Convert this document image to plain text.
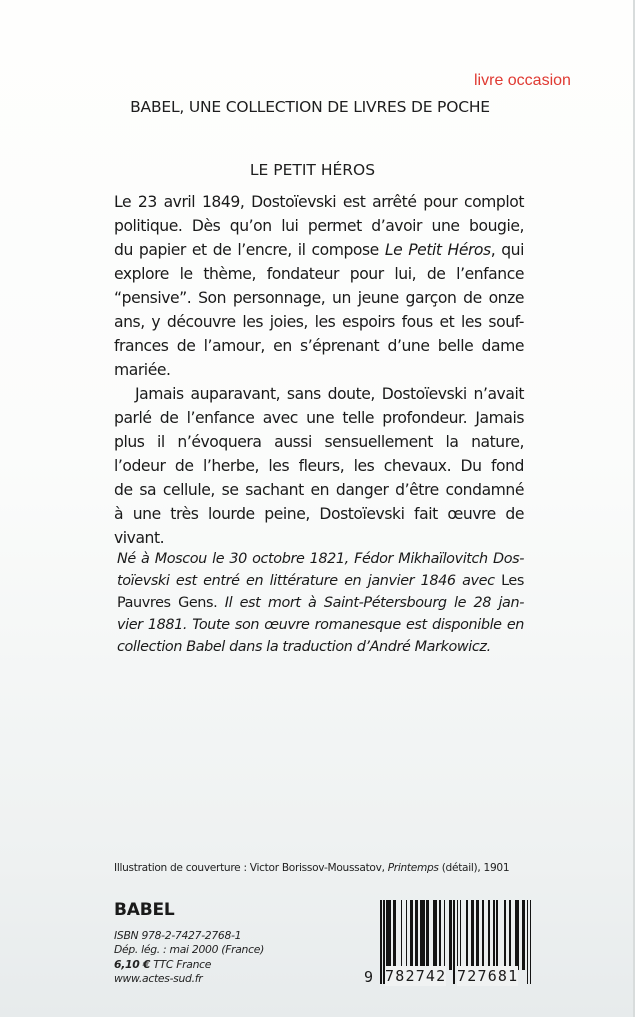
livre occasion
BABEL, UNE COLLECTION DE LIVRES DE POCHE
LE PETIT HÉROS
Le 23 avril 1849, Dostoïevski est arrêté pour complot
politique. Dès qu’on lui permet d’avoir une bougie,
du papier et de l’encre, il compose Le Petit Héros, qui
explore le thème, fondateur pour lui, de l’enfance
“pensive”. Son personnage, un jeune garçon de onze
ans, y découvre les joies, les espoirs fous et les souf-
frances de l’amour, en s’éprenant d’une belle dame
mariée.
Jamais auparavant, sans doute, Dostoïevski n’avait
parlé de l’enfance avec une telle profondeur. Jamais
plus il n’évoquera aussi sensuellement la nature,
l’odeur de l’herbe, les fleurs, les chevaux. Du fond
de sa cellule, se sachant en danger d’être condamné
à une très lourde peine, Dostoïevski fait œuvre de
vivant.
Né à Moscou le 30 octobre 1821, Fédor Mikhaïlovitch Dos-
toïevski est entré en littérature en janvier 1846 avec Les
Pauvres Gens. Il est mort à Saint-Pétersbourg le 28 jan-
vier 1881. Toute son œuvre romanesque est disponible en
collection Babel dans la traduction d’André Markowicz.
Illustration de couverture : Victor Borissov-Moussatov, Printemps (détail), 1901
BABEL
ISBN 978-2-7427-2768-1
Dép. lég. : mai 2000 (France)
6,10 € TTC France
www.actes-sud.fr	9 782742 727681
